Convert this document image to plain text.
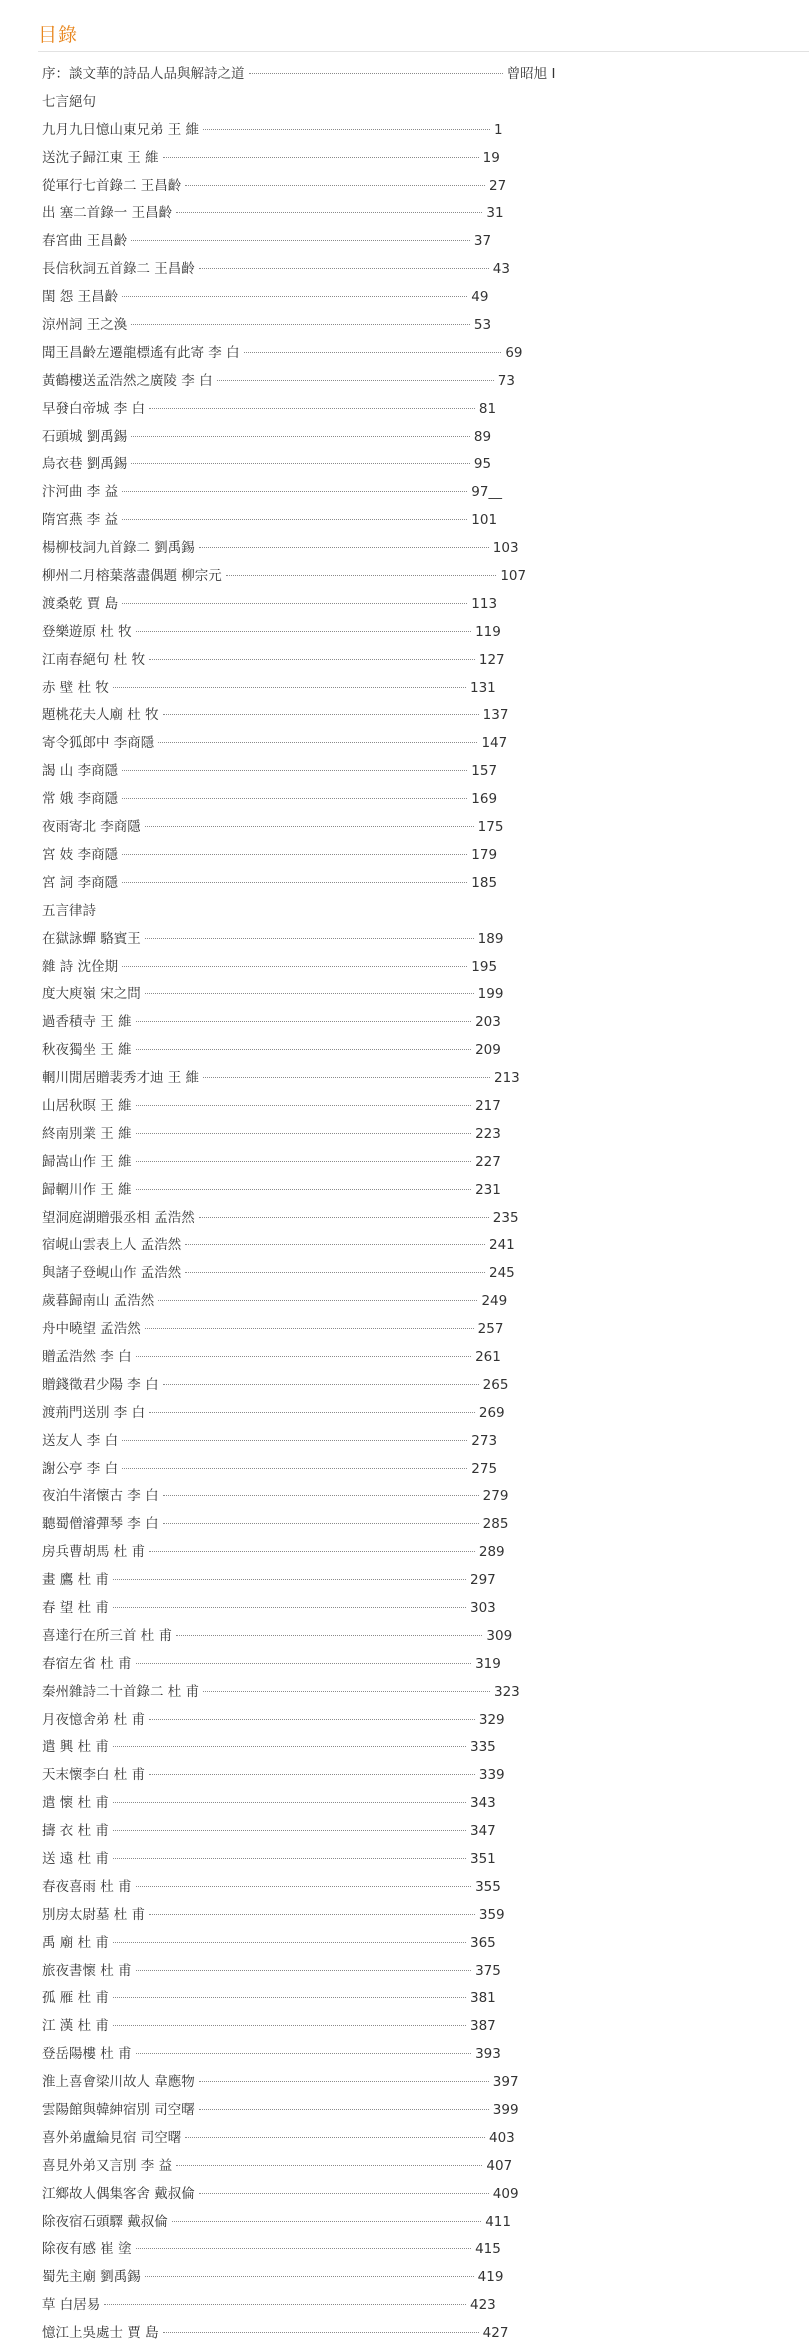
目錄
序：談文華的詩品人品與解詩之道	曾昭旭 I
七言絕句
九月九日憶山東兄弟 王 維	1
送沈子歸江東 王 維	19
從軍行七首錄二 王昌齡	27
出 塞二首錄一 王昌齡	31
春宮曲 王昌齡	37
長信秋詞五首錄二 王昌齡	43
閨 怨 王昌齡	49
涼州詞 王之渙	53
聞王昌齡左遷龍標遙有此寄 李 白	69
黃鶴樓送孟浩然之廣陵 李 白	73
早發白帝城 李 白	81
石頭城 劉禹錫	89
烏衣巷 劉禹錫	95
汴河曲 李 益	97__
隋宮燕 李 益	101
楊柳枝詞九首錄二 劉禹錫	103
柳州二月榕葉落盡偶題 柳宗元	107
渡桑乾 賈 島	113
登樂遊原 杜 牧	119
江南春絕句 杜 牧	127
赤 壁 杜 牧	131
題桃花夫人廟 杜 牧	137
寄令狐郎中 李商隱	147
謁 山 李商隱	157
常 娥 李商隱	169
夜雨寄北 李商隱	175
宮 妓 李商隱	179
宮 詞 李商隱	185
五言律詩
在獄詠蟬 駱賓王	189
雜 詩 沈佺期	195
度大庾嶺 宋之問	199
過香積寺 王 維	203
秋夜獨坐 王 維	209
輞川閒居贈裴秀才迪 王 維	213
山居秋暝 王 維	217
終南別業 王 維	223
歸嵩山作 王 維	227
歸輞川作 王 維	231
望洞庭湖贈張丞相 孟浩然	235
宿峴山雲表上人 孟浩然	241
與諸子登峴山作 孟浩然	245
歲暮歸南山 孟浩然	249
舟中曉望 孟浩然	257
贈孟浩然 李 白	261
贈錢徵君少陽 李 白	265
渡荊門送別 李 白	269
送友人 李 白	273
謝公亭 李 白	275
夜泊牛渚懷古 李 白	279
聽蜀僧濬彈琴 李 白	285
房兵曹胡馬 杜 甫	289
畫 鷹 杜 甫	297
春 望 杜 甫	303
喜達行在所三首 杜 甫	309
春宿左省 杜 甫	319
秦州雜詩二十首錄二 杜 甫	323
月夜憶舍弟 杜 甫	329
遣 興 杜 甫	335
天末懷李白 杜 甫	339
遣 懷 杜 甫	343
擣 衣 杜 甫	347
送 遠 杜 甫	351
春夜喜雨 杜 甫	355
別房太尉墓 杜 甫	359
禹 廟 杜 甫	365
旅夜書懷 杜 甫	375
孤 雁 杜 甫	381
江 漢 杜 甫	387
登岳陽樓 杜 甫	393
淮上喜會梁川故人 韋應物	397
雲陽館與韓紳宿別 司空曙	399
喜外弟盧綸見宿 司空曙	403
喜見外弟又言別 李 益	407
江鄉故人偶集客舍 戴叔倫	409
除夜宿石頭驛 戴叔倫	411
除夜有感 崔 塗	415
蜀先主廟 劉禹錫	419
草 白居易	423
憶江上吳處士 賈 島	427
